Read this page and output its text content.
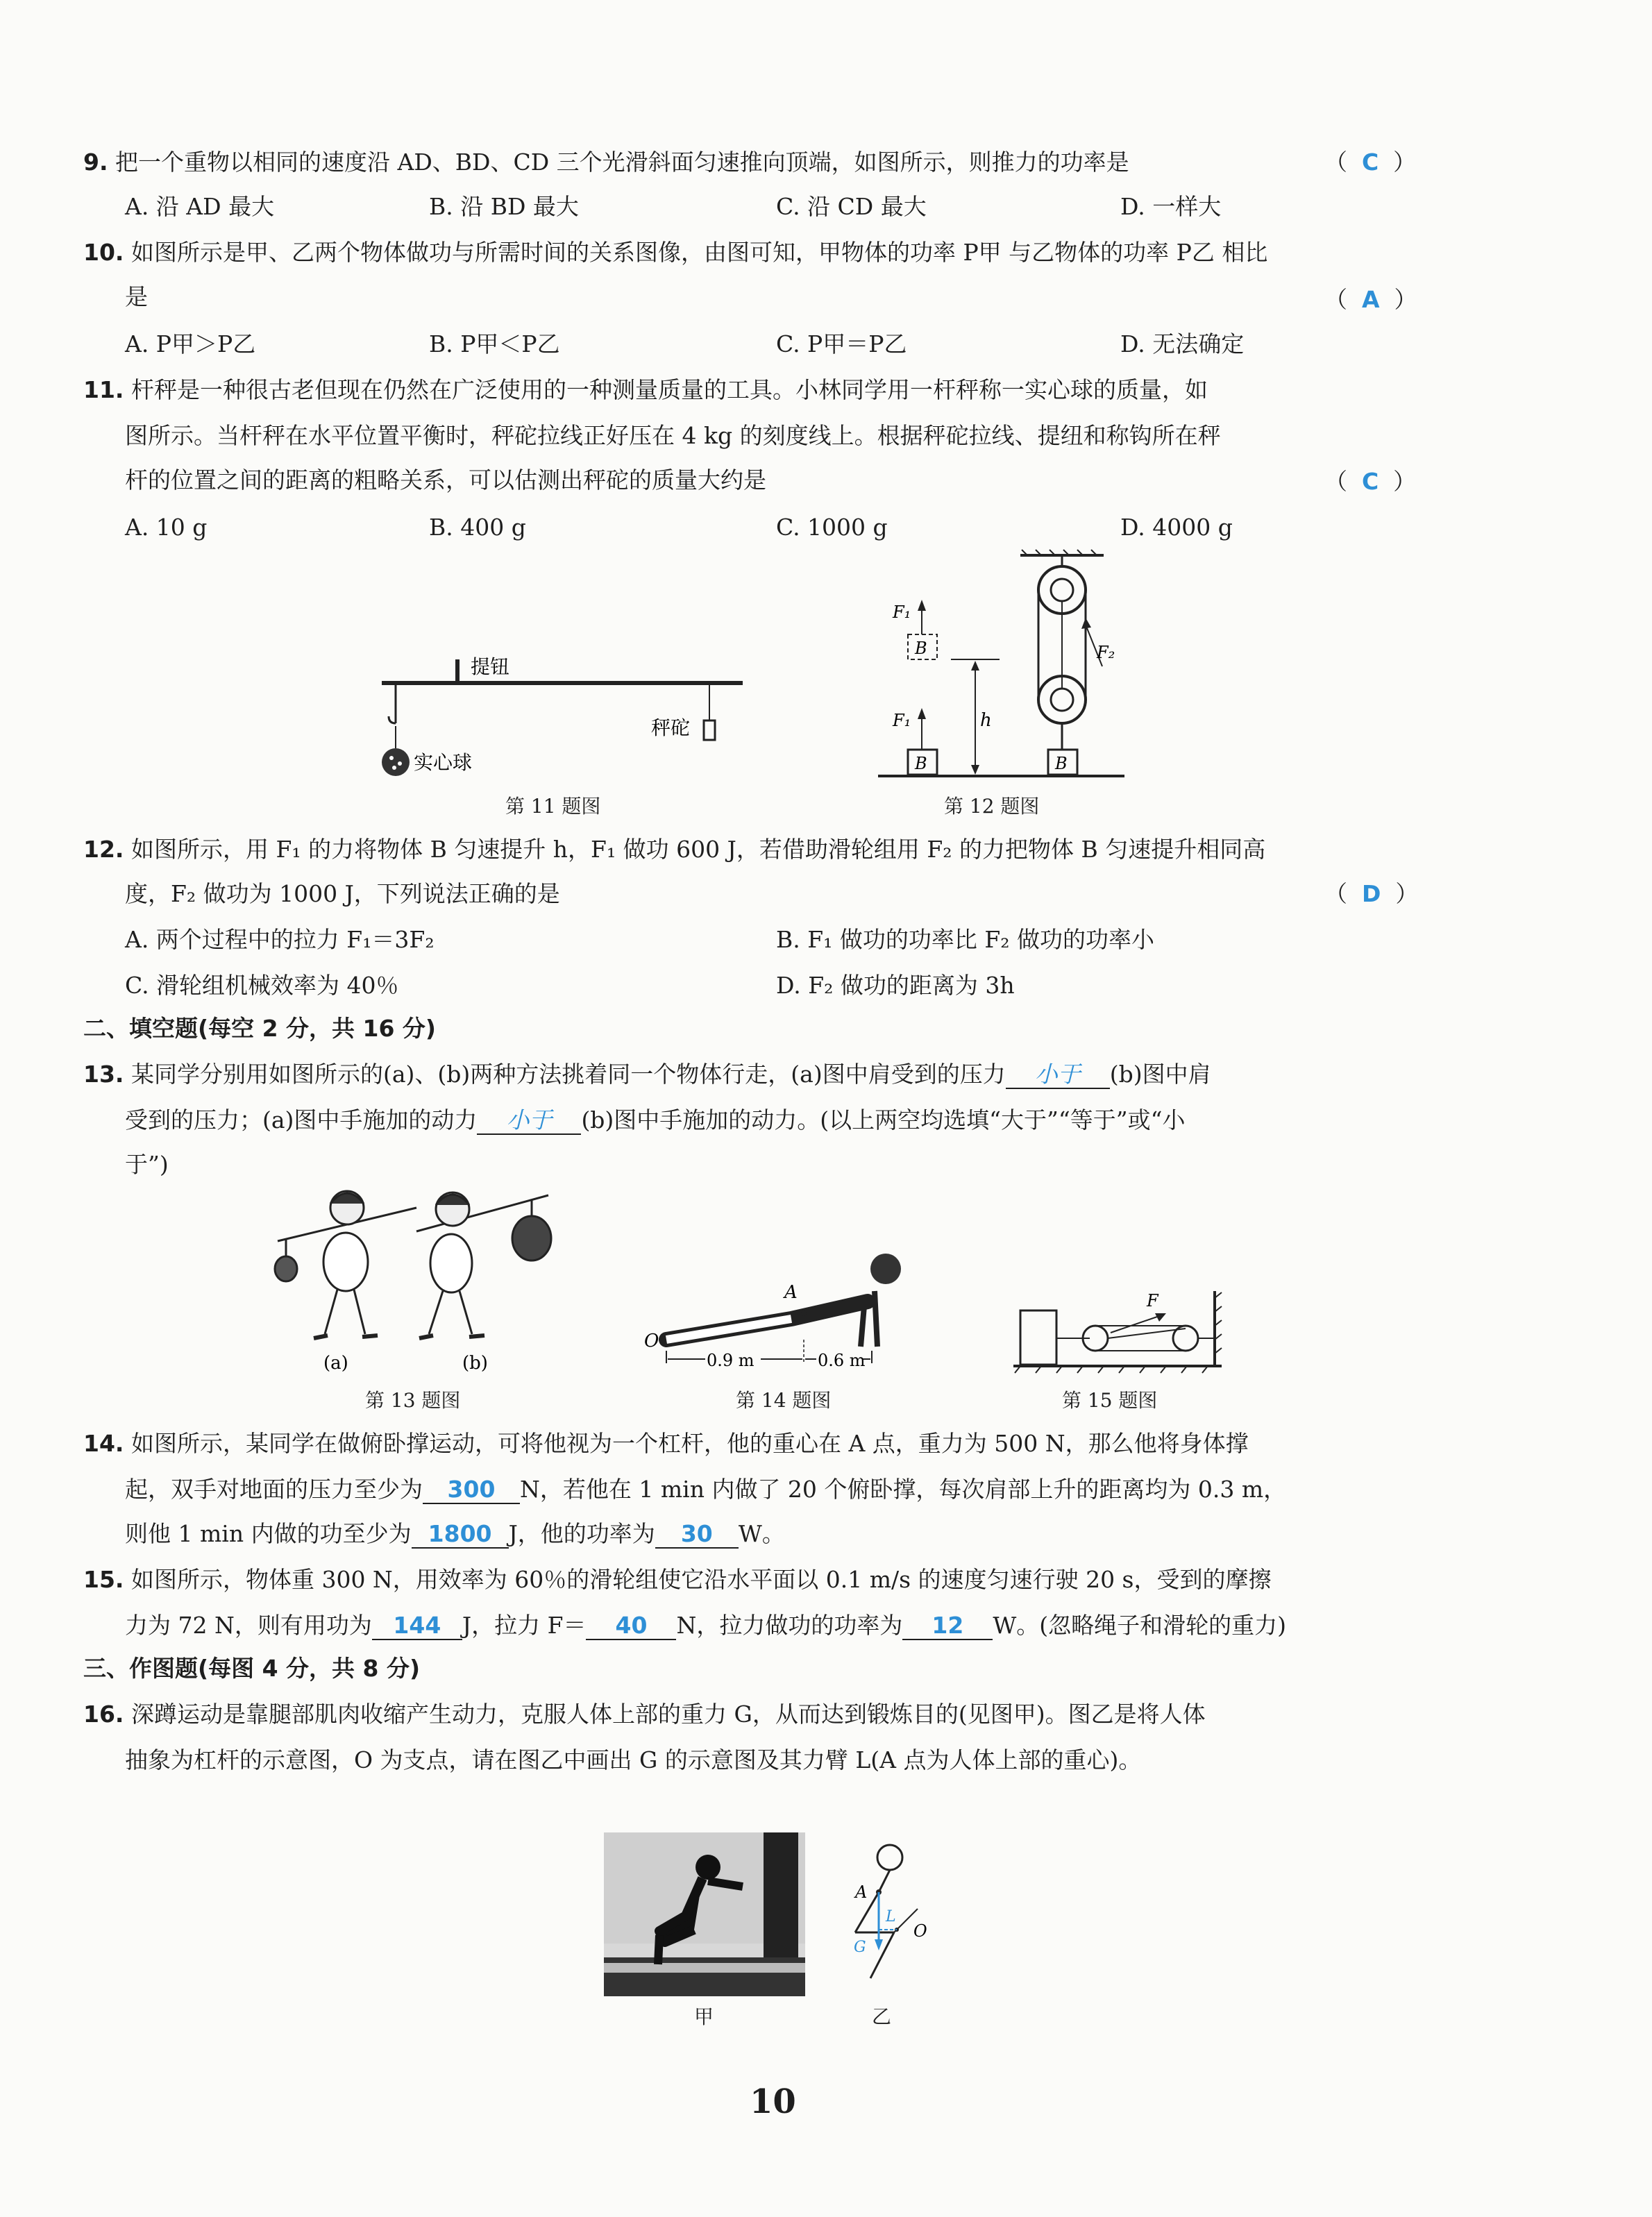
9. 把一个重物以相同的速度沿 AD、BD、CD 三个光滑斜面匀速推向顶端，如图所示，则推力的功率是	（  C  ）
A. 沿 AD 最大	B. 沿 BD 最大	C. 沿 CD 最大	D. 一样大
10. 如图所示是甲、乙两个物体做功与所需时间的关系图像，由图可知，甲物体的功率 P甲 与乙物体的功率 P乙 相比
是	（  A  ）
A. P甲＞P乙	B. P甲＜P乙	C. P甲＝P乙	D. 无法确定
11. 杆秤是一种很古老但现在仍然在广泛使用的一种测量质量的工具。小林同学用一杆秤称一实心球的质量，如
图所示。当杆秤在水平位置平衡时，秤砣拉线正好压在 4 kg 的刻度线上。根据秤砣拉线、提纽和称钩所在秤
杆的位置之间的距离的粗略关系，可以估测出秤砣的质量大约是	（  C  ）
A. 10 g	B. 400 g	C. 1000 g	D. 4000 g
提钮
实心球
秤砣
第 11 题图
F₂
B
B
F₁
B
F₁
h
第 12 题图
12. 如图所示，用 F₁ 的力将物体 B 匀速提升 h，F₁ 做功 600 J，若借助滑轮组用 F₂ 的力把物体 B 匀速提升相同高
度，F₂ 做功为 1000 J，下列说法正确的是	（  D  ）
A. 两个过程中的拉力 F₁＝3F₂	B. F₁ 做功的功率比 F₂ 做功的功率小
C. 滑轮组机械效率为 40％	D. F₂ 做功的距离为 3h
二、填空题(每空 2 分，共 16 分)
13. 某同学分别用如图所示的(a)、(b)两种方法挑着同一个物体行走，(a)图中肩受到的压力 小于 (b)图中肩
受到的压力；(a)图中手施加的动力 小于 (b)图中手施加的动力。(以上两空均选填“大于”“等于”或“小
于”)
(a)	(b)
第 13 题图
A
O
0.9 m	0.6 m
第 14 题图
F
第 15 题图
14. 如图所示，某同学在做俯卧撑运动，可将他视为一个杠杆，他的重心在 A 点，重力为 500 N，那么他将身体撑
起，双手对地面的压力至少为 300 N，若他在 1 min 内做了 20 个俯卧撑，每次肩部上升的距离均为 0.3 m，
则他 1 min 内做的功至少为 1800 J，他的功率为 30 W。
15. 如图所示，物体重 300 N，用效率为 60％的滑轮组使它沿水平面以 0.1 m/s 的速度匀速行驶 20 s，受到的摩擦
力为 72 N，则有用功为 144 J，拉力 F＝ 40 N，拉力做功的功率为 12 W。(忽略绳子和滑轮的重力)
三、作图题(每图 4 分，共 8 分)
16. 深蹲运动是靠腿部肌肉收缩产生动力，克服人体上部的重力 G，从而达到锻炼目的(见图甲)。图乙是将人体
抽象为杠杆的示意图，O 为支点，请在图乙中画出 G 的示意图及其力臂 L(A 点为人体上部的重心)。
甲
A
O
L
G
乙
10
